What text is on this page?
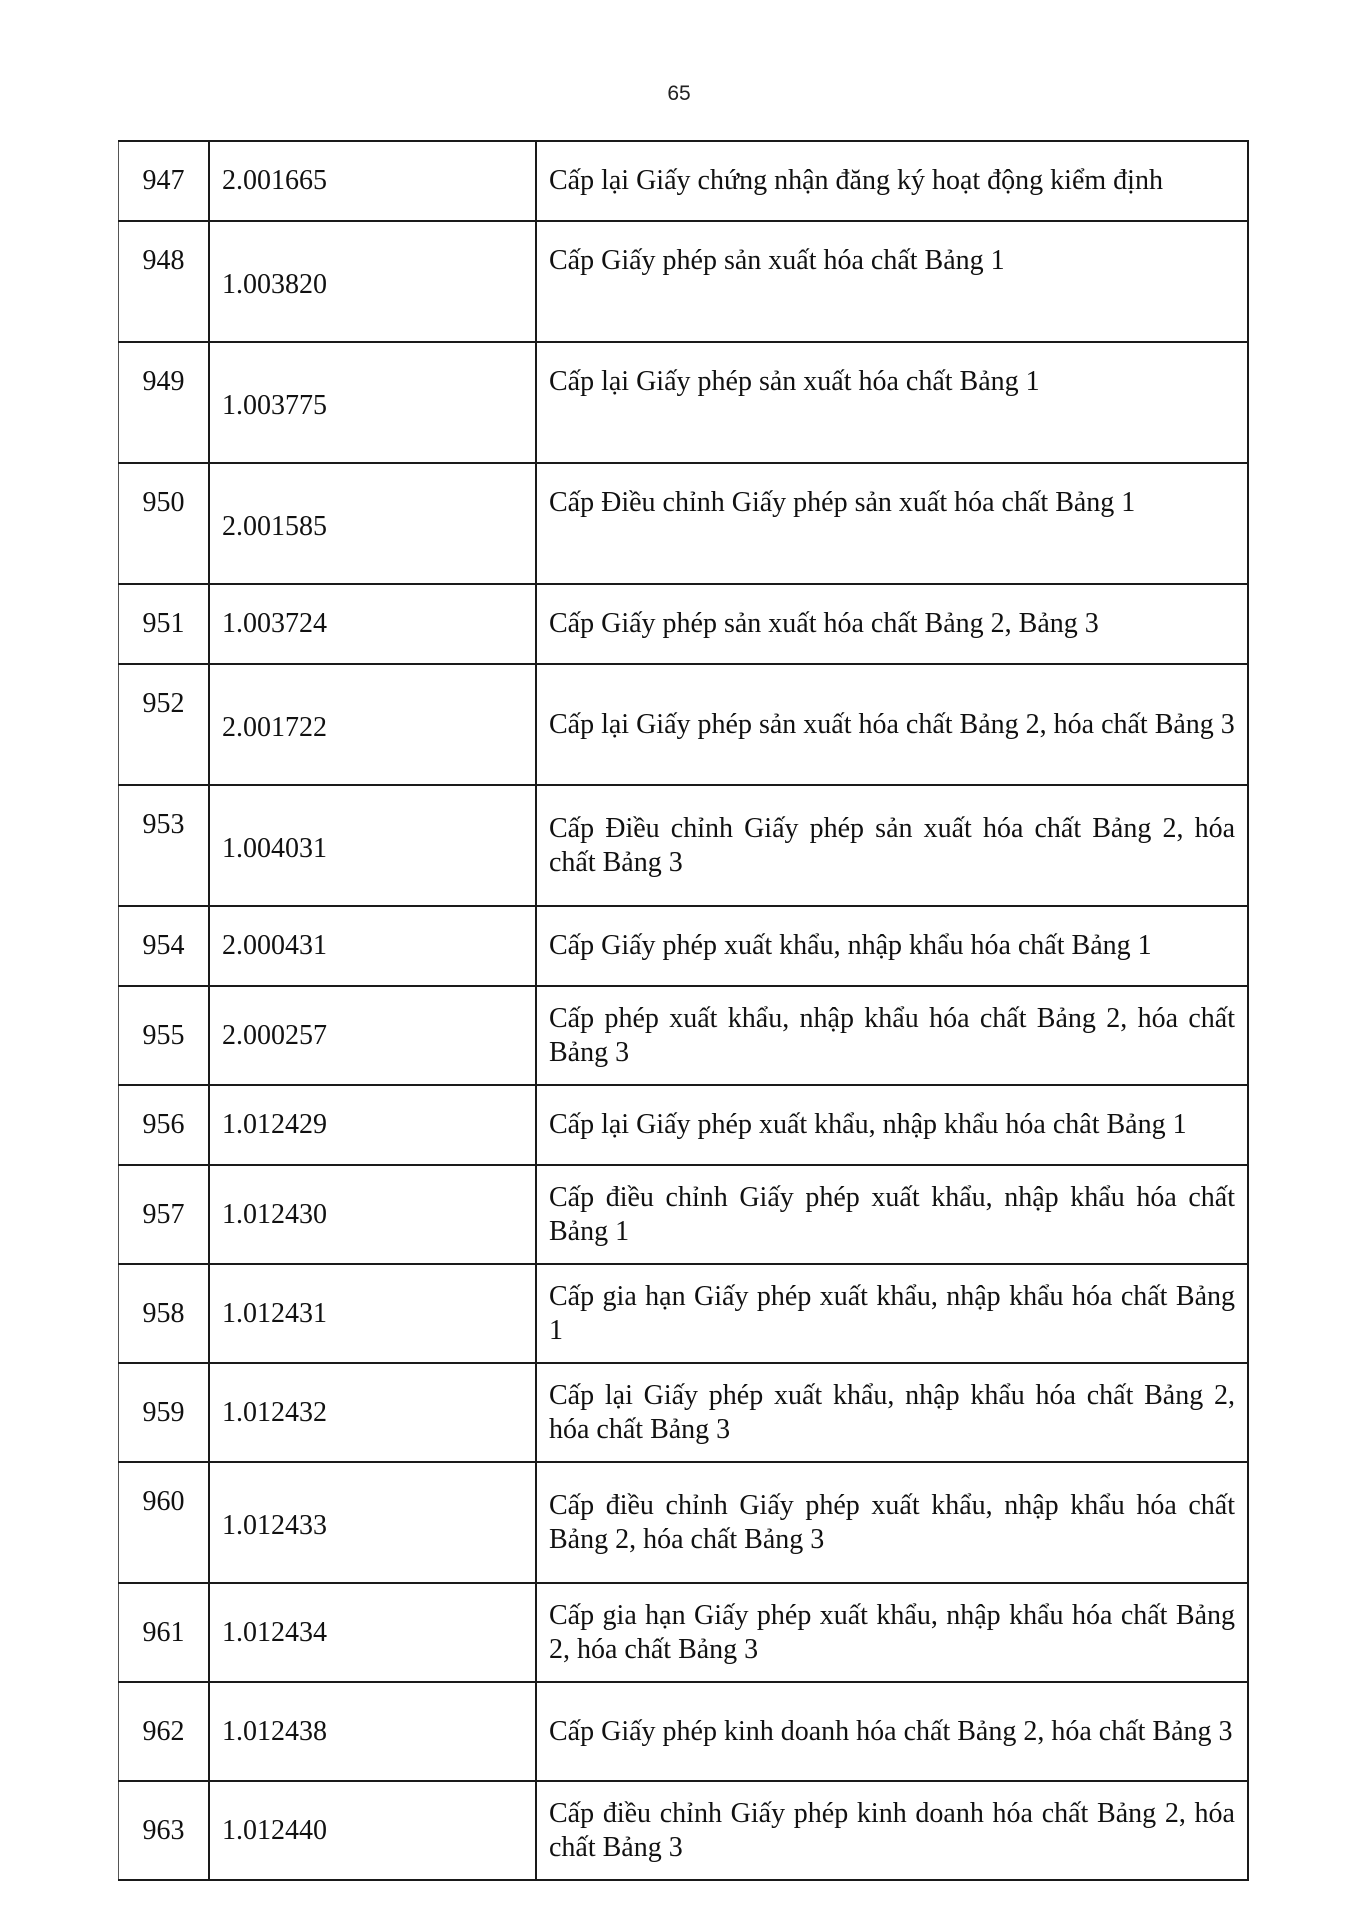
65
947	2.001665	Cấp lại Giấy chứng nhận đăng ký hoạt động kiểm định
948	1.003820	Cấp Giấy phép sản xuất hóa chất Bảng 1
949	1.003775	Cấp lại Giấy phép sản xuất hóa chất Bảng 1
950	2.001585	Cấp Điều chỉnh Giấy phép sản xuất hóa chất Bảng 1
951	1.003724	Cấp Giấy phép sản xuất hóa chất Bảng 2, Bảng 3
952	2.001722	Cấp lại Giấy phép sản xuất hóa chất Bảng 2, hóa chất Bảng 3
953	1.004031	Cấp Điều chỉnh Giấy phép sản xuất hóa chất Bảng 2, hóa chất Bảng 3
954	2.000431	Cấp Giấy phép xuất khẩu, nhập khẩu hóa chất Bảng 1
955	2.000257	Cấp phép xuất khẩu, nhập khẩu hóa chất Bảng 2, hóa chất Bảng 3
956	1.012429	Cấp lại Giấy phép xuất khẩu, nhập khẩu hóa chât Bảng 1
957	1.012430	Cấp điều chỉnh Giấy phép xuất khẩu, nhập khẩu hóa chất Bảng 1
958	1.012431	Cấp gia hạn Giấy phép xuất khẩu, nhập khẩu hóa chất Bảng 1
959	1.012432	Cấp lại Giấy phép xuất khẩu, nhập khẩu hóa chất Bảng 2, hóa chất Bảng 3
960	1.012433	Cấp điều chỉnh Giấy phép xuất khẩu, nhập khẩu hóa chất Bảng 2, hóa chất Bảng 3
961	1.012434	Cấp gia hạn Giấy phép xuất khẩu, nhập khẩu hóa chất Bảng 2, hóa chất Bảng 3
962	1.012438	Cấp Giấy phép kinh doanh hóa chất Bảng 2, hóa chất Bảng 3
963	1.012440	Cấp điều chỉnh Giấy phép kinh doanh hóa chất Bảng 2, hóa chất Bảng 3
